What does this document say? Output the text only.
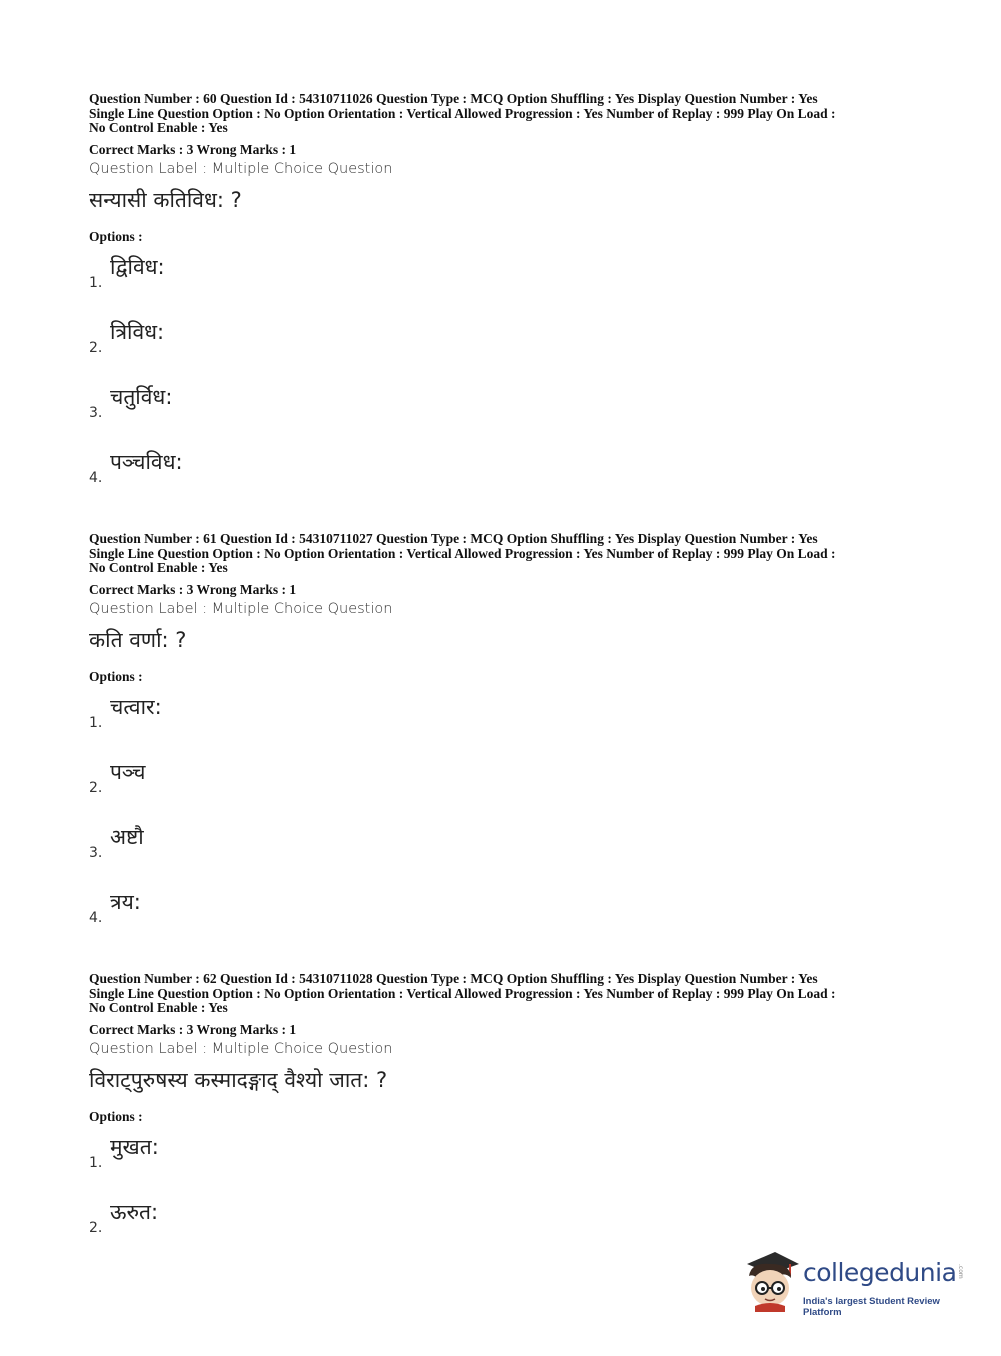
Question Number : 60 Question Id : 54310711026 Question Type : MCQ Option Shuffling : Yes Display Question Number : Yes

Single Line Question Option : No Option Orientation : Vertical Allowed Progression : Yes Number of Replay : 999 Play On Load :

No Control Enable : Yes

Correct Marks : 3 Wrong Marks : 1
Question Label : Multiple Choice Question
सन्यासी कतिविध: ?
Options :
1.
द्विविध:
2.
त्रिविध:
3.
चतुर्विध:
4.
पञ्चविध:

Question Number : 61 Question Id : 54310711027 Question Type : MCQ Option Shuffling : Yes Display Question Number : Yes

Single Line Question Option : No Option Orientation : Vertical Allowed Progression : Yes Number of Replay : 999 Play On Load :

No Control Enable : Yes

Correct Marks : 3 Wrong Marks : 1
Question Label : Multiple Choice Question
कति वर्णा: ?
Options :
1.
चत्वार:
2.
पञ्च
3.
अष्टौ
4.
त्रय:

Question Number : 62 Question Id : 54310711028 Question Type : MCQ Option Shuffling : Yes Display Question Number : Yes

Single Line Question Option : No Option Orientation : Vertical Allowed Progression : Yes Number of Replay : 999 Play On Load :

No Control Enable : Yes

Correct Marks : 3 Wrong Marks : 1
Question Label : Multiple Choice Question
विराट्पुरुषस्य कस्मादङ्गाद् वैश्यो जात: ?
Options :
1.
मुखत:
2.
ऊरुत:
collegedunia .com
India's largest Student Review Platform
